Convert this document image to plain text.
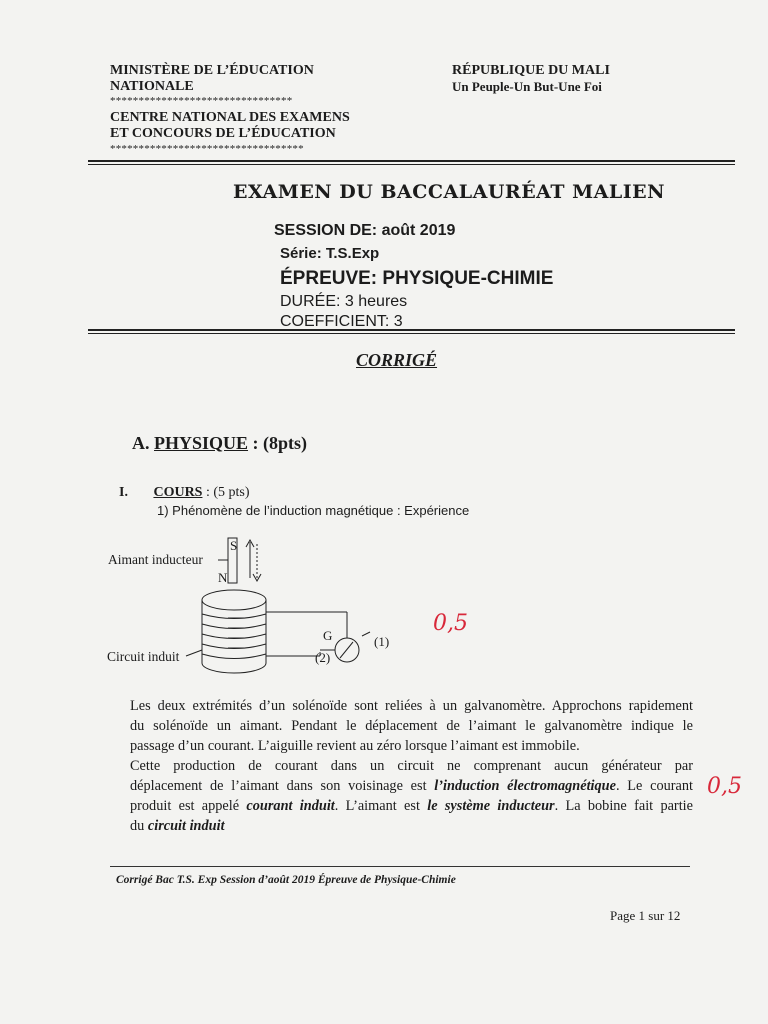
MINISTÈRE DE L’ÉDUCATION
NATIONALE
********************************
CENTRE NATIONAL DES EXAMENS
ET CONCOURS DE L’ÉDUCATION
**********************************
RÉPUBLIQUE DU MALI
Un Peuple-Un But-Une Foi
EXAMEN DU BACCALAURÉAT MALIEN
SESSION DE: août 2019
Série: T.S.Exp
ÉPREUVE: PHYSIQUE-CHIMIE
DURÉE: 3 heures
COEFFICIENT: 3
CORRIGÉ
A. PHYSIQUE : (8pts)
I. COURS : (5 pts)
1) Phénomène de l’induction magnétique : Expérience
S
N
Aimant inducteur
Circuit induit
G	(1)
(2)
0,5
Les deux extrémités d’un solénoïde sont reliées à un galvanomètre. Approchons rapidement
du solénoïde un aimant. Pendant le déplacement de l’aimant le galvanomètre indique le
passage d’un courant. L’aiguille revient au zéro lorsque l’aimant est immobile.
Cette production de courant dans un circuit ne comprenant aucun générateur par
déplacement de l’aimant dans son voisinage est l’induction électromagnétique. Le courant
produit est appelé courant induit. L’aimant est le système inducteur. La bobine fait partie
du circuit induit
0,5
Corrigé Bac T.S. Exp Session d’août 2019 Épreuve de Physique-Chimie
Page 1 sur 12
